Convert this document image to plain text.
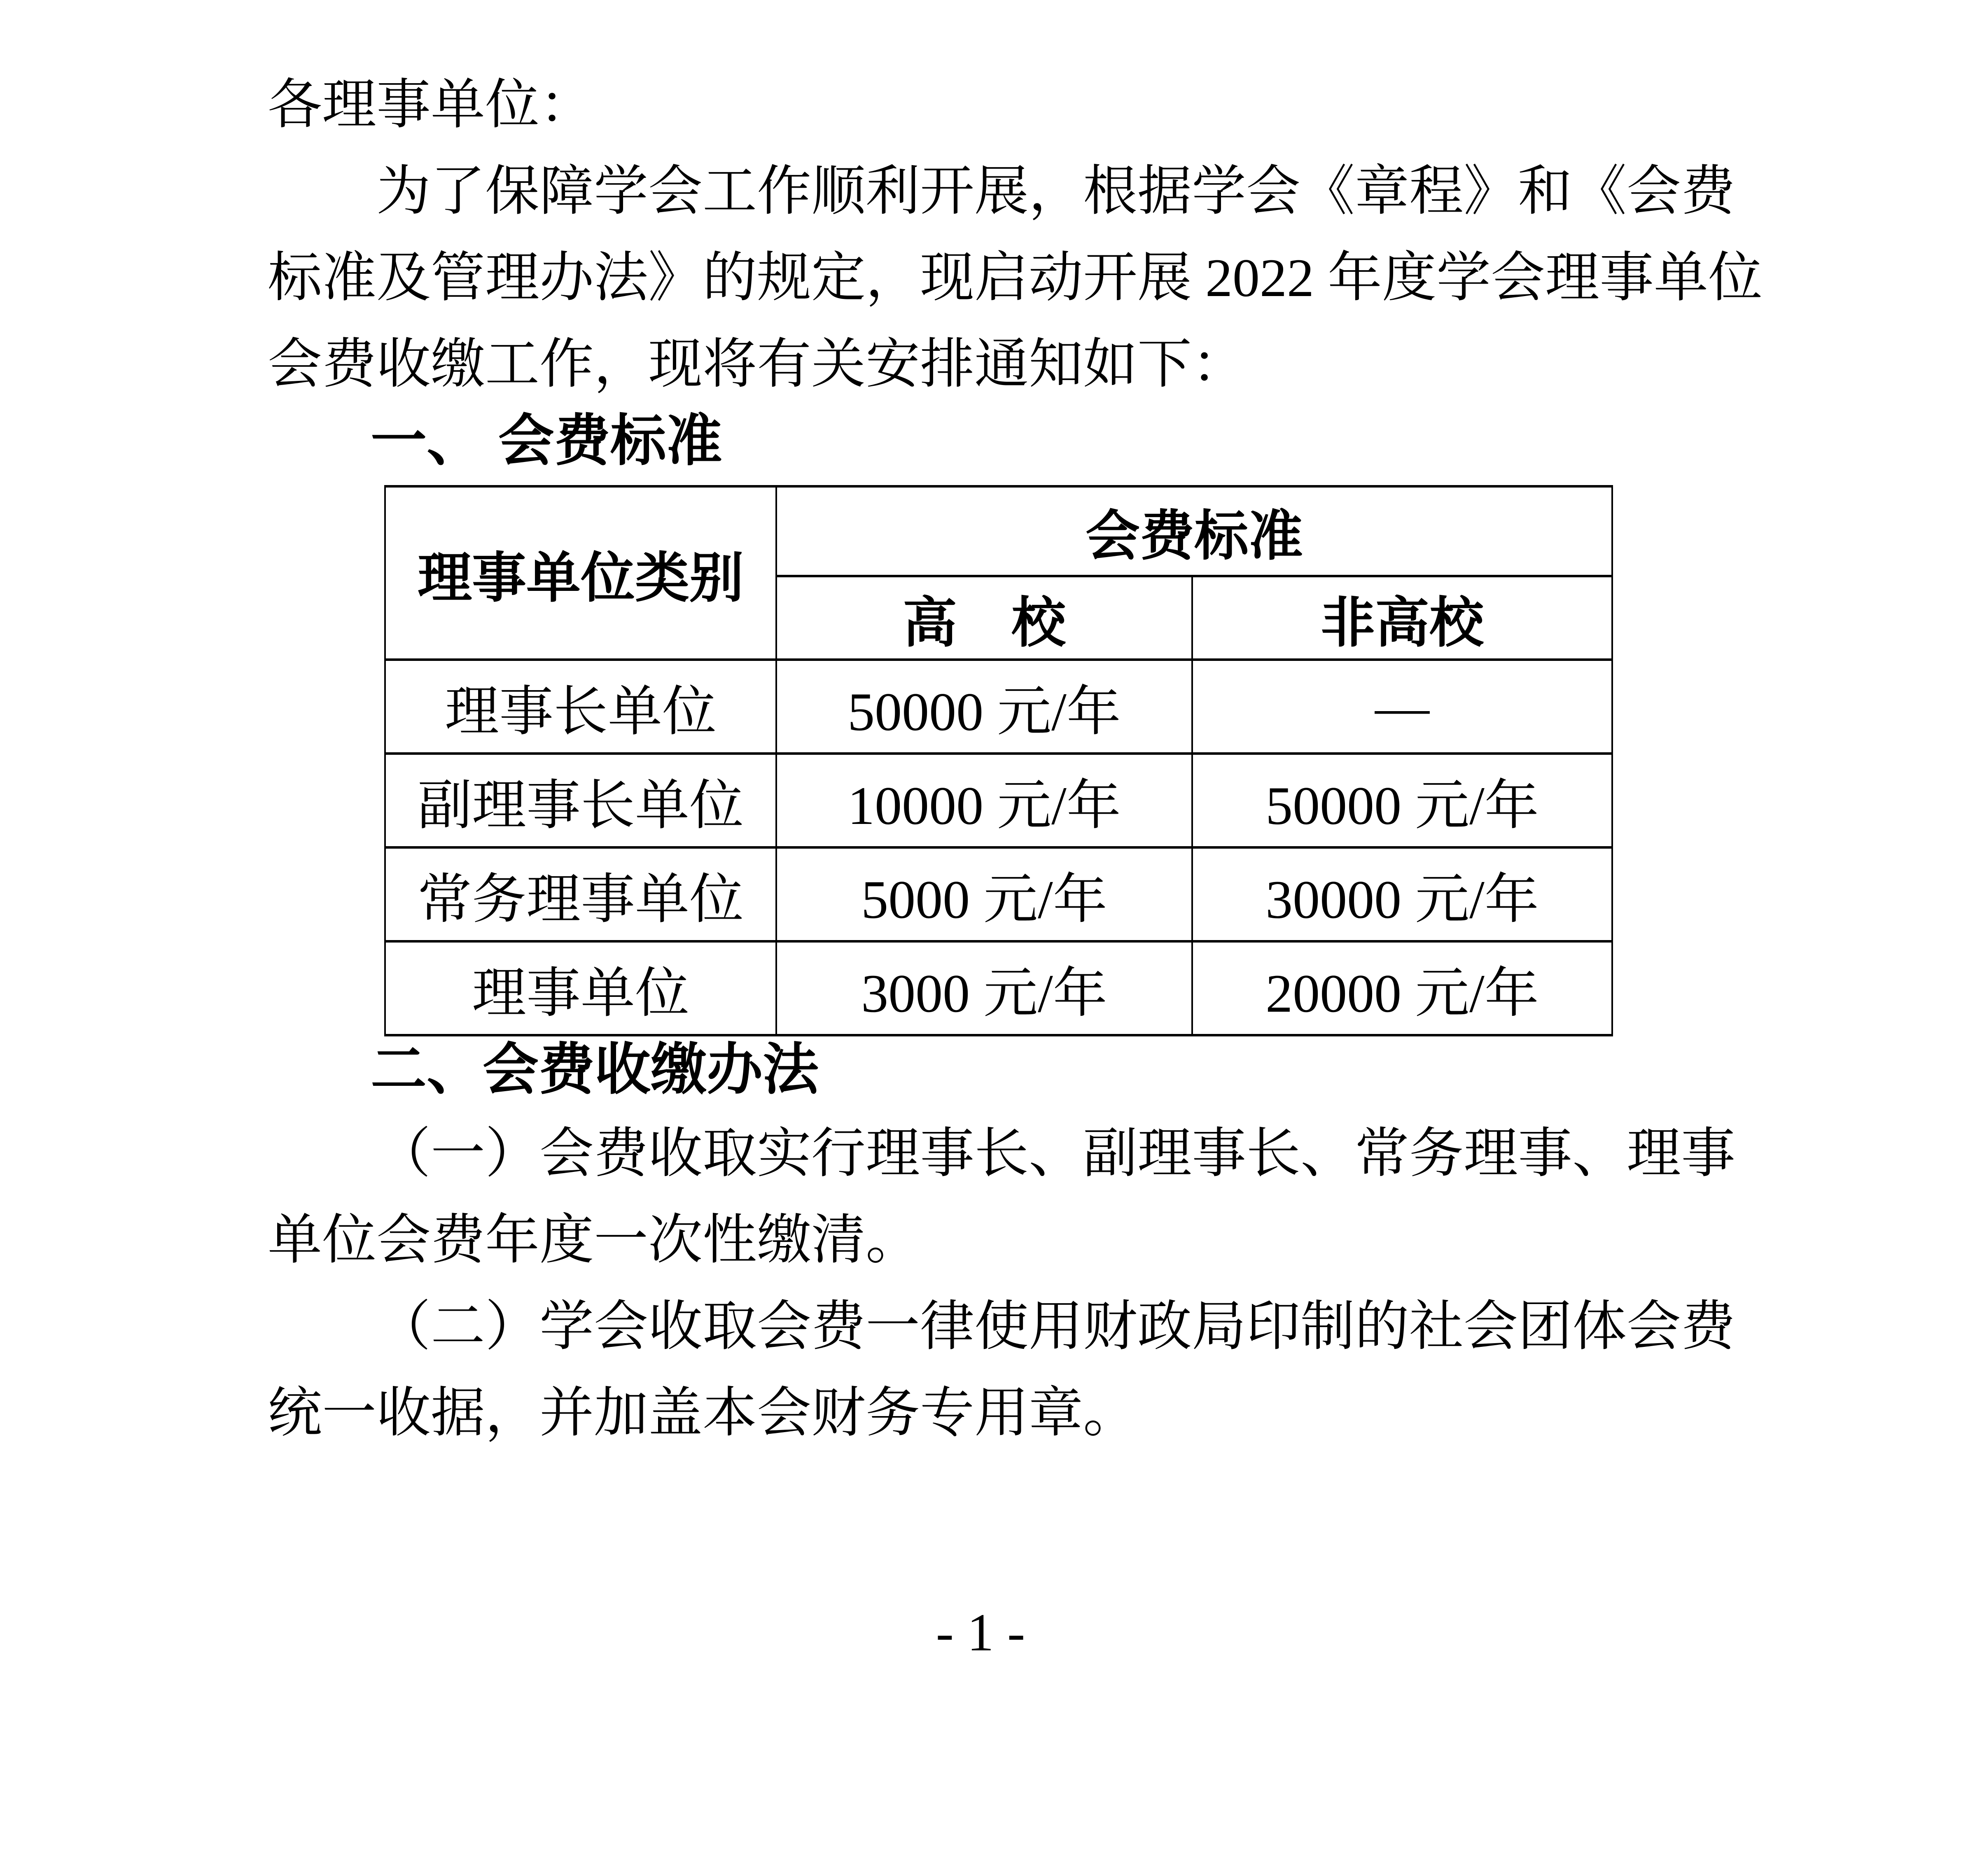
各理事单位：
为了保障学会工作顺利开展，根据学会《章程》和《会费
标准及管理办法》的规定，现启动开展 2022 年度学会理事单位
会费收缴工作，现将有关安排通知如下：
一、 会费标准
理事单位类别	会费标准	
	高　校	非高校
理事长单位	50000 元/年	—
副理事长单位	10000 元/年	50000 元/年
常务理事单位	5000 元/年	30000 元/年
理事单位	3000 元/年	20000 元/年
二、会费收缴办法
（一）会费收取实行理事长、副理事长、常务理事、理事
单位会费年度一次性缴清。
（二）学会收取会费一律使用财政局印制的社会团体会费
统一收据，并加盖本会财务专用章。
- 1 -
